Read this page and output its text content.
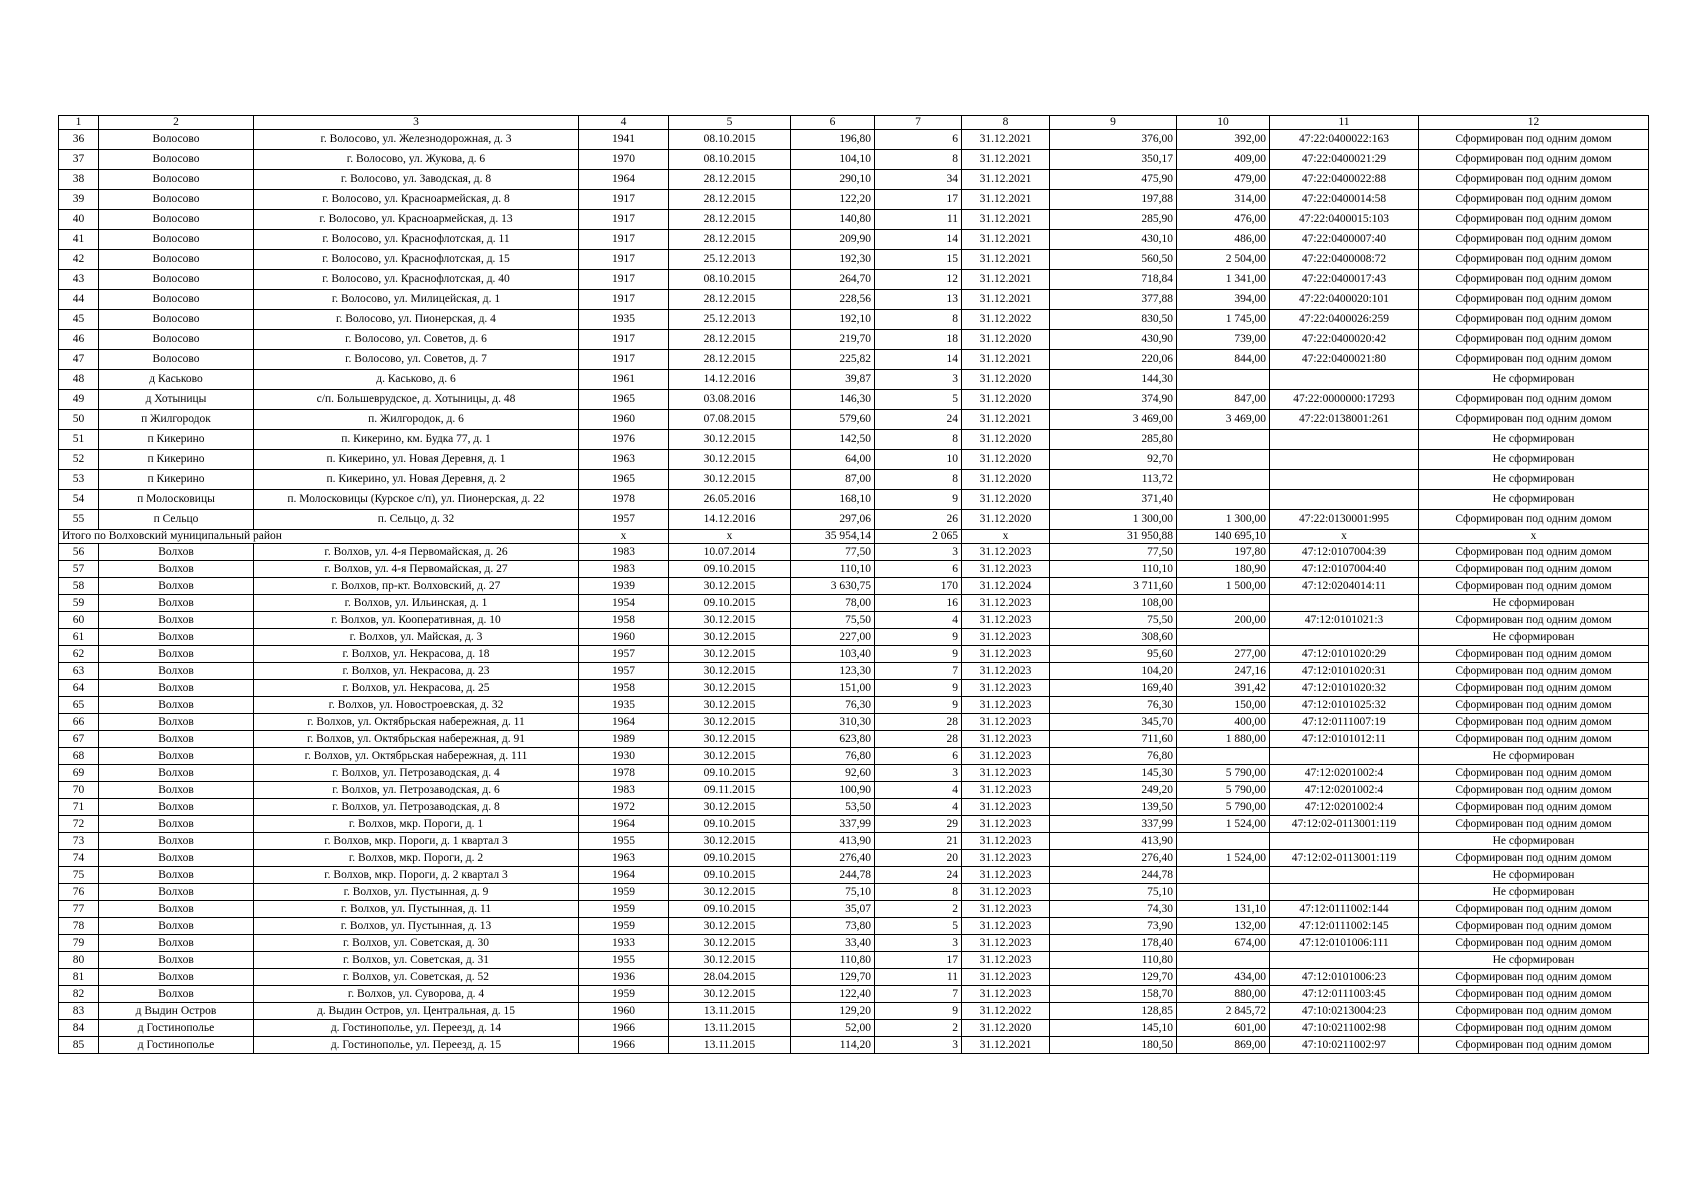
1	2	3	4	5	6	7	8	9	10	11	12
36	Волосово	г. Волосово, ул. Железнодорожная, д. 3	1941	08.10.2015	196,80	6	31.12.2021	376,00	392,00	47:22:0400022:163	Сформирован под одним домом
37	Волосово	г. Волосово, ул. Жукова, д. 6	1970	08.10.2015	104,10	8	31.12.2021	350,17	409,00	47:22:0400021:29	Сформирован под одним домом
38	Волосово	г. Волосово, ул. Заводская, д. 8	1964	28.12.2015	290,10	34	31.12.2021	475,90	479,00	47:22:0400022:88	Сформирован под одним домом
39	Волосово	г. Волосово, ул. Красноармейская, д. 8	1917	28.12.2015	122,20	17	31.12.2021	197,88	314,00	47:22:0400014:58	Сформирован под одним домом
40	Волосово	г. Волосово, ул. Красноармейская, д. 13	1917	28.12.2015	140,80	11	31.12.2021	285,90	476,00	47:22:0400015:103	Сформирован под одним домом
41	Волосово	г. Волосово, ул. Краснофлотская, д. 11	1917	28.12.2015	209,90	14	31.12.2021	430,10	486,00	47:22:0400007:40	Сформирован под одним домом
42	Волосово	г. Волосово, ул. Краснофлотская, д. 15	1917	25.12.2013	192,30	15	31.12.2021	560,50	2 504,00	47:22:0400008:72	Сформирован под одним домом
43	Волосово	г. Волосово, ул. Краснофлотская, д. 40	1917	08.10.2015	264,70	12	31.12.2021	718,84	1 341,00	47:22:0400017:43	Сформирован под одним домом
44	Волосово	г. Волосово, ул. Милицейская, д. 1	1917	28.12.2015	228,56	13	31.12.2021	377,88	394,00	47:22:0400020:101	Сформирован под одним домом
45	Волосово	г. Волосово, ул. Пионерская, д. 4	1935	25.12.2013	192,10	8	31.12.2022	830,50	1 745,00	47:22:0400026:259	Сформирован под одним домом
46	Волосово	г. Волосово, ул. Советов, д. 6	1917	28.12.2015	219,70	18	31.12.2020	430,90	739,00	47:22:0400020:42	Сформирован под одним домом
47	Волосово	г. Волосово, ул. Советов, д. 7	1917	28.12.2015	225,82	14	31.12.2021	220,06	844,00	47:22:0400021:80	Сформирован под одним домом
48	д Каськово	д. Каськово, д. 6	1961	14.12.2016	39,87	3	31.12.2020	144,30			Не сформирован
49	д Хотыницы	с/п. Большеврудское, д. Хотыницы, д. 48	1965	03.08.2016	146,30	5	31.12.2020	374,90	847,00	47:22:0000000:17293	Сформирован под одним домом
50	п Жилгородок	п. Жилгородок, д. 6	1960	07.08.2015	579,60	24	31.12.2021	3 469,00	3 469,00	47:22:0138001:261	Сформирован под одним домом
51	п Кикерино	п. Кикерино, км. Будка 77, д. 1	1976	30.12.2015	142,50	8	31.12.2020	285,80			Не сформирован
52	п Кикерино	п. Кикерино, ул. Новая Деревня, д. 1	1963	30.12.2015	64,00	10	31.12.2020	92,70			Не сформирован
53	п Кикерино	п. Кикерино, ул. Новая Деревня, д. 2	1965	30.12.2015	87,00	8	31.12.2020	113,72			Не сформирован
54	п Молосковицы	п. Молосковицы (Курское с/п), ул. Пионерская, д. 22	1978	26.05.2016	168,10	9	31.12.2020	371,40			Не сформирован
55	п Сельцо	п. Сельцо, д. 32	1957	14.12.2016	297,06	26	31.12.2020	1 300,00	1 300,00	47:22:0130001:995	Сформирован под одним домом
Итого по Волховский муниципальный район			x	x	35 954,14	2 065	x	31 950,88	140 695,10	x	x
56	Волхов	г. Волхов, ул. 4-я Первомайская, д. 26	1983	10.07.2014	77,50	3	31.12.2023	77,50	197,80	47:12:0107004:39	Сформирован под одним домом
57	Волхов	г. Волхов, ул. 4-я Первомайская, д. 27	1983	09.10.2015	110,10	6	31.12.2023	110,10	180,90	47:12:0107004:40	Сформирован под одним домом
58	Волхов	г. Волхов, пр-кт. Волховский, д. 27	1939	30.12.2015	3 630,75	170	31.12.2024	3 711,60	1 500,00	47:12:0204014:11	Сформирован под одним домом
59	Волхов	г. Волхов, ул. Ильинская, д. 1	1954	09.10.2015	78,00	16	31.12.2023	108,00			Не сформирован
60	Волхов	г. Волхов, ул. Кооперативная, д. 10	1958	30.12.2015	75,50	4	31.12.2023	75,50	200,00	47:12:0101021:3	Сформирован под одним домом
61	Волхов	г. Волхов, ул. Майская, д. 3	1960	30.12.2015	227,00	9	31.12.2023	308,60			Не сформирован
62	Волхов	г. Волхов, ул. Некрасова, д. 18	1957	30.12.2015	103,40	9	31.12.2023	95,60	277,00	47:12:0101020:29	Сформирован под одним домом
63	Волхов	г. Волхов, ул. Некрасова, д. 23	1957	30.12.2015	123,30	7	31.12.2023	104,20	247,16	47:12:0101020:31	Сформирован под одним домом
64	Волхов	г. Волхов, ул. Некрасова, д. 25	1958	30.12.2015	151,00	9	31.12.2023	169,40	391,42	47:12:0101020:32	Сформирован под одним домом
65	Волхов	г. Волхов, ул. Новостроевская, д. 32	1935	30.12.2015	76,30	9	31.12.2023	76,30	150,00	47:12:0101025:32	Сформирован под одним домом
66	Волхов	г. Волхов, ул. Октябрьская набережная, д. 11	1964	30.12.2015	310,30	28	31.12.2023	345,70	400,00	47:12:0111007:19	Сформирован под одним домом
67	Волхов	г. Волхов, ул. Октябрьская набережная, д. 91	1989	30.12.2015	623,80	28	31.12.2023	711,60	1 880,00	47:12:0101012:11	Сформирован под одним домом
68	Волхов	г. Волхов, ул. Октябрьская набережная, д. 111	1930	30.12.2015	76,80	6	31.12.2023	76,80			Не сформирован
69	Волхов	г. Волхов, ул. Петрозаводская, д. 4	1978	09.10.2015	92,60	3	31.12.2023	145,30	5 790,00	47:12:0201002:4	Сформирован под одним домом
70	Волхов	г. Волхов, ул. Петрозаводская, д. 6	1983	09.11.2015	100,90	4	31.12.2023	249,20	5 790,00	47:12:0201002:4	Сформирован под одним домом
71	Волхов	г. Волхов, ул. Петрозаводская, д. 8	1972	30.12.2015	53,50	4	31.12.2023	139,50	5 790,00	47:12:0201002:4	Сформирован под одним домом
72	Волхов	г. Волхов, мкр. Пороги, д. 1	1964	09.10.2015	337,99	29	31.12.2023	337,99	1 524,00	47:12:02-0113001:119	Сформирован под одним домом
73	Волхов	г. Волхов, мкр. Пороги, д. 1 квартал 3	1955	30.12.2015	413,90	21	31.12.2023	413,90			Не сформирован
74	Волхов	г. Волхов, мкр. Пороги, д. 2	1963	09.10.2015	276,40	20	31.12.2023	276,40	1 524,00	47:12:02-0113001:119	Сформирован под одним домом
75	Волхов	г. Волхов, мкр. Пороги, д. 2 квартал 3	1964	09.10.2015	244,78	24	31.12.2023	244,78			Не сформирован
76	Волхов	г. Волхов, ул. Пустынная, д. 9	1959	30.12.2015	75,10	8	31.12.2023	75,10			Не сформирован
77	Волхов	г. Волхов, ул. Пустынная, д. 11	1959	09.10.2015	35,07	2	31.12.2023	74,30	131,10	47:12:0111002:144	Сформирован под одним домом
78	Волхов	г. Волхов, ул. Пустынная, д. 13	1959	30.12.2015	73,80	5	31.12.2023	73,90	132,00	47:12:0111002:145	Сформирован под одним домом
79	Волхов	г. Волхов, ул. Советская, д. 30	1933	30.12.2015	33,40	3	31.12.2023	178,40	674,00	47:12:0101006:111	Сформирован под одним домом
80	Волхов	г. Волхов, ул. Советская, д. 31	1955	30.12.2015	110,80	17	31.12.2023	110,80			Не сформирован
81	Волхов	г. Волхов, ул. Советская, д. 52	1936	28.04.2015	129,70	11	31.12.2023	129,70	434,00	47:12:0101006:23	Сформирован под одним домом
82	Волхов	г. Волхов, ул. Суворова, д. 4	1959	30.12.2015	122,40	7	31.12.2023	158,70	880,00	47:12:0111003:45	Сформирован под одним домом
83	д Выдин Остров	д. Выдин Остров, ул. Центральная, д. 15	1960	13.11.2015	129,20	9	31.12.2022	128,85	2 845,72	47:10:0213004:23	Сформирован под одним домом
84	д Гостинополье	д. Гостинополье, ул. Переезд, д. 14	1966	13.11.2015	52,00	2	31.12.2020	145,10	601,00	47:10:0211002:98	Сформирован под одним домом
85	д Гостинополье	д. Гостинополье, ул. Переезд, д. 15	1966	13.11.2015	114,20	3	31.12.2021	180,50	869,00	47:10:0211002:97	Сформирован под одним домом
